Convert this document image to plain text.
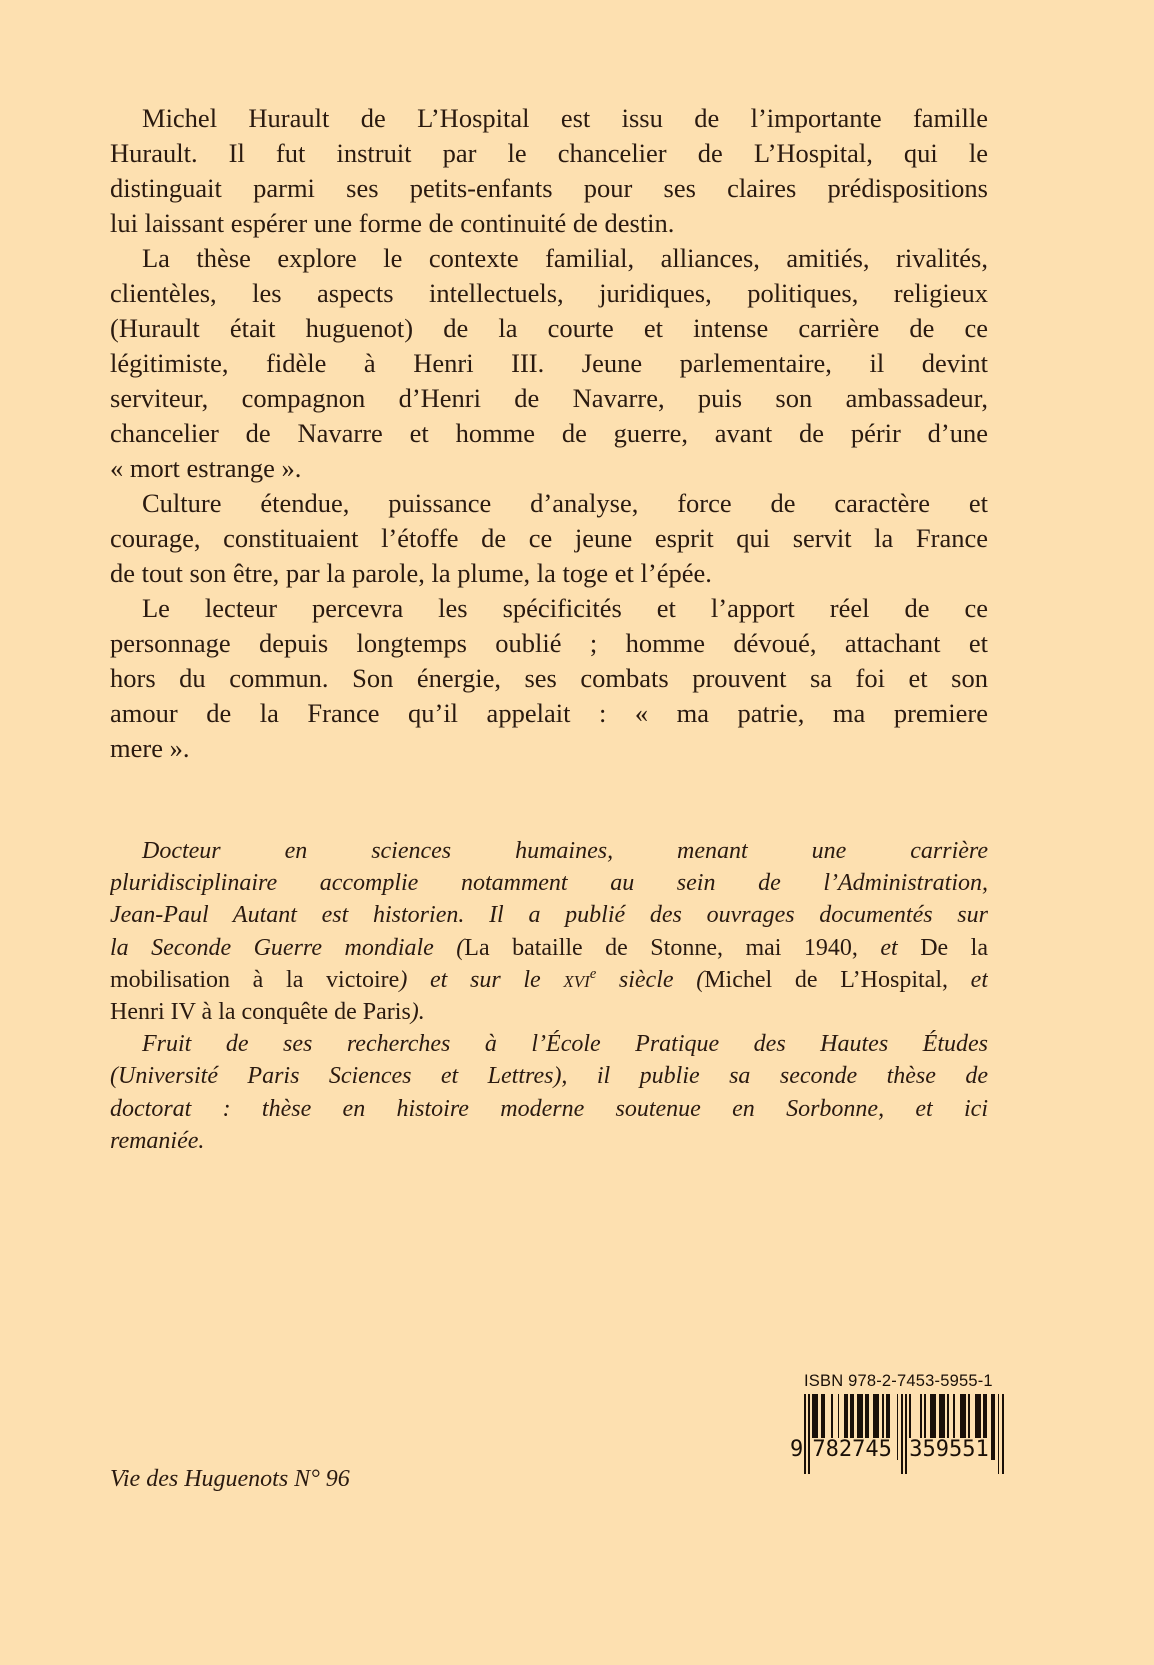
Michel Hurault de L’Hospital est issu de l’importante famille
Hurault. Il fut instruit par le chancelier de L’Hospital, qui le
distinguait parmi ses petits-enfants pour ses claires prédispositions
lui laissant espérer une forme de continuité de destin.
La thèse explore le contexte familial, alliances, amitiés, rivalités,
clientèles, les aspects intellectuels, juridiques, politiques, religieux
(Hurault était huguenot) de la courte et intense carrière de ce
légitimiste, fidèle à Henri III. Jeune parlementaire, il devint
serviteur, compagnon d’Henri de Navarre, puis son ambassadeur,
chancelier de Navarre et homme de guerre, avant de périr d’une
« mort estrange ».
Culture étendue, puissance d’analyse, force de caractère et
courage, constituaient l’étoffe de ce jeune esprit qui servit la France
de tout son être, par la parole, la plume, la toge et l’épée.
Le lecteur percevra les spécificités et l’apport réel de ce
personnage depuis longtemps oublié ; homme dévoué, attachant et
hors du commun. Son énergie, ses combats prouvent sa foi et son
amour de la France qu’il appelait : « ma patrie, ma premiere
mere ».
Docteur en sciences humaines, menant une carrière
pluridisciplinaire accomplie notamment au sein de l’Administration,
Jean-Paul Autant est historien. Il a publié des ouvrages documentés sur
la Seconde Guerre mondiale (La bataille de Stonne, mai 1940, et De la
mobilisation à la victoire) et sur le xvi$^e$ siècle (Michel de L’Hospital, et
Henri IV à la conquête de Paris).
Fruit de ses recherches à l’École Pratique des Hautes Études
(Université Paris Sciences et Lettres), il publie sa seconde thèse de
doctorat : thèse en histoire moderne soutenue en Sorbonne, et ici
remaniée.
Vie des Huguenots N° 96
ISBN 978-2-7453-5955-1
9 782745 359551
